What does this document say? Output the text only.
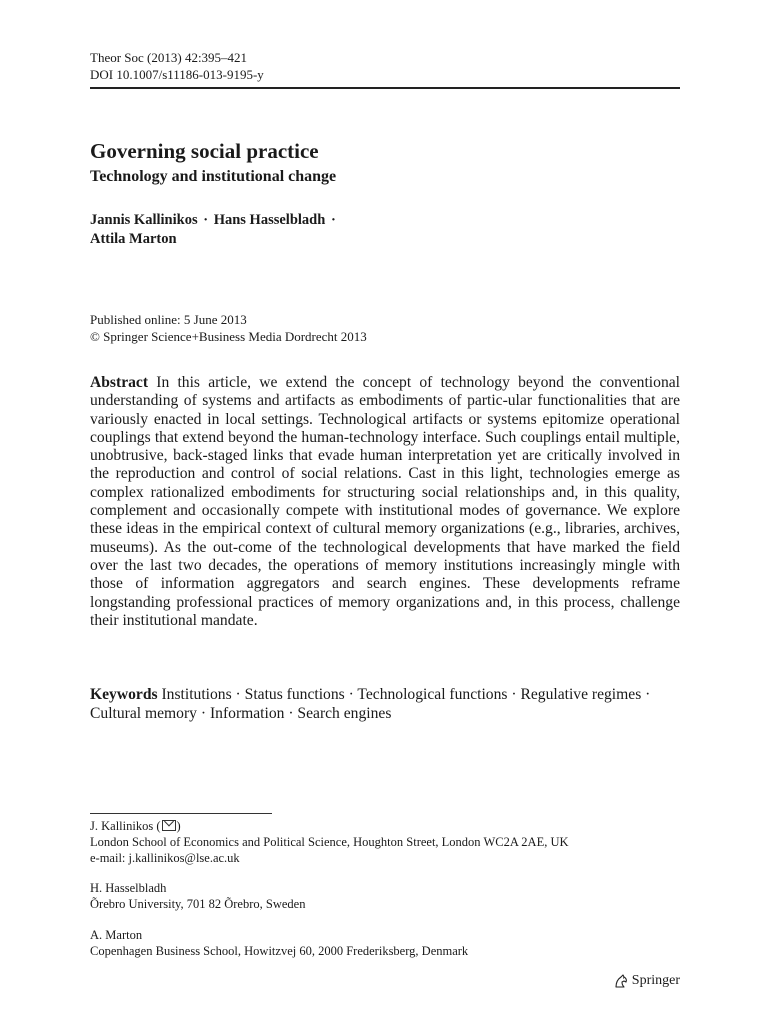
Theor Soc (2013) 42:395–421
DOI 10.1007/s11186-013-9195-y
Governing social practice
Technology and institutional change
Jannis Kallinikos · Hans Hasselbladh ·
Attila Marton
Published online: 5 June 2013
© Springer Science+Business Media Dordrecht 2013
Abstract In this article, we extend the concept of technology beyond the conventional understanding of systems and artifacts as embodiments of partic-ular functionalities that are variously enacted in local settings. Technological artifacts or systems epitomize operational couplings that extend beyond the human-technology interface. Such couplings entail multiple, unobtrusive, back-staged links that evade human interpretation yet are critically involved in the reproduction and control of social relations. Cast in this light, technologies emerge as complex rationalized embodiments for structuring social relationships and, in this quality, complement and occasionally compete with institutional modes of governance. We explore these ideas in the empirical context of cultural memory organizations (e.g., libraries, archives, museums). As the out-come of the technological developments that have marked the field over the last two decades, the operations of memory institutions increasingly mingle with those of information aggregators and search engines. These developments reframe longstanding professional practices of memory organizations and, in this process, challenge their institutional mandate.
Keywords Institutions · Status functions · Technological functions · Regulative regimes · Cultural memory · Information · Search engines
J. Kallinikos ( )
London School of Economics and Political Science, Houghton Street, London WC2A 2AE, UK
e-mail: j.kallinikos@lse.ac.uk
H. Hasselbladh
Õrebro University, 701 82 Õrebro, Sweden
A. Marton
Copenhagen Business School, Howitzvej 60, 2000 Frederiksberg, Denmark
Springer
